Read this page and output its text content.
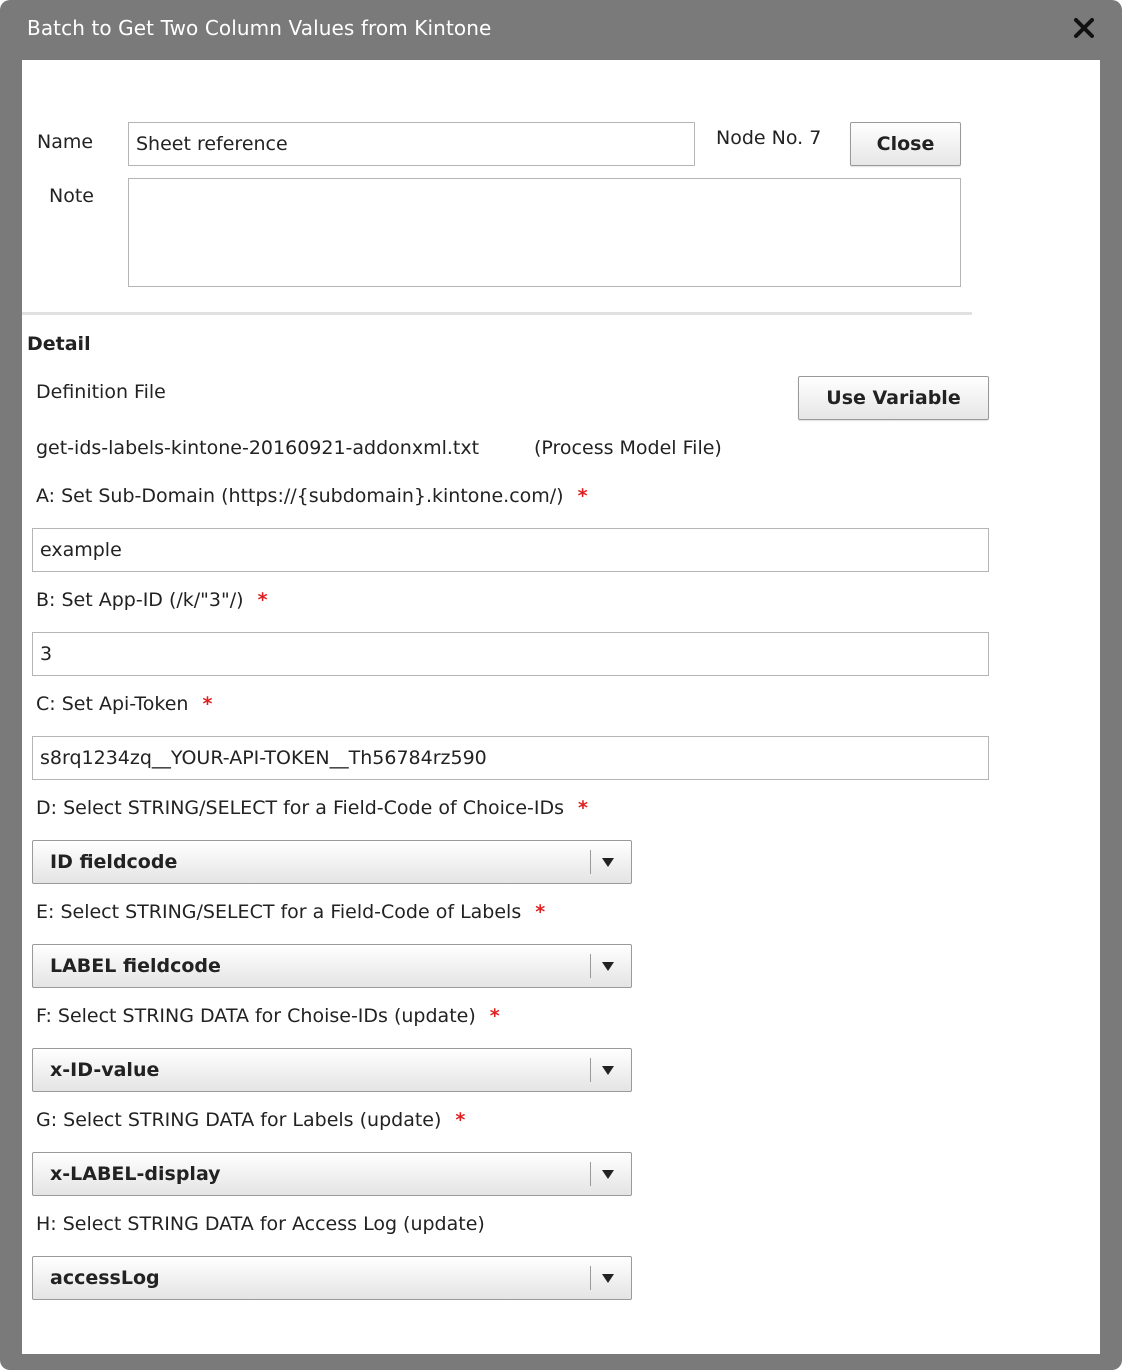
Batch to Get Two Column Values from Kintone
Name
Sheet reference	Node No. 7	Close
Note
Detail
Definition File	Use Variable
get-ids-labels-kintone-20160921-addonxml.txt	(Process Model File)
A: Set Sub-Domain (https://{subdomain}.kintone.com/) *
example
B: Set App-ID (/k/"3"/) *
3
C: Set Api-Token *
s8rq1234zq__YOUR-API-TOKEN__Th56784rz590
D: Select STRING/SELECT for a Field-Code of Choice-IDs *
ID fieldcode
E: Select STRING/SELECT for a Field-Code of Labels *
LABEL fieldcode
F: Select STRING DATA for Choise-IDs (update) *
x-ID-value
G: Select STRING DATA for Labels (update) *
x-LABEL-display
H: Select STRING DATA for Access Log (update)
accessLog
